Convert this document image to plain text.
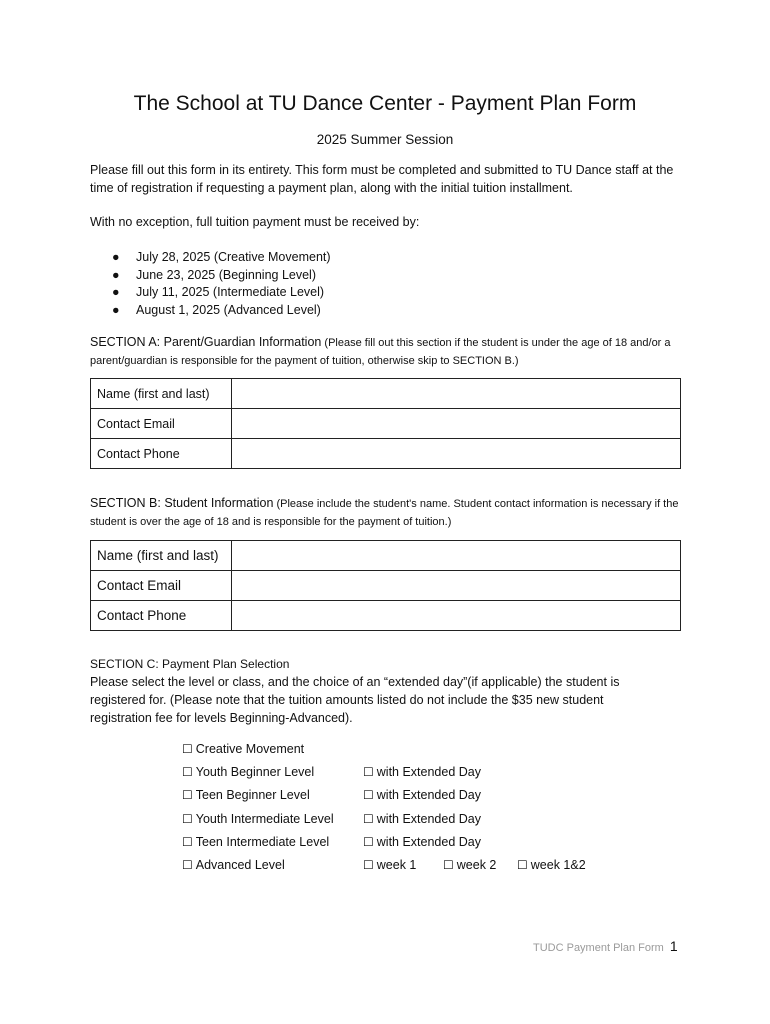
The School at TU Dance Center - Payment Plan Form
2025 Summer Session
Please fill out this form in its entirety. This form must be completed and submitted to TU Dance staff at the time of registration if requesting a payment plan, along with the initial tuition installment.
With no exception, full tuition payment must be received by:
● July 28, 2025 (Creative Movement)
● June 23, 2025 (Beginning Level)
● July 11, 2025 (Intermediate Level)
● August 1, 2025 (Advanced Level)
SECTION A: Parent/Guardian Information (Please fill out this section if the student is under the age of 18 and/or a parent/guardian is responsible for the payment of tuition, otherwise skip to SECTION B.)
Name (first and last)	
Contact Email	
Contact Phone	
SECTION B: Student Information (Please include the student's name. Student contact information is necessary if the student is over the age of 18 and is responsible for the payment of tuition.)
Name (first and last)	
Contact Email	
Contact Phone	
SECTION C: Payment Plan Selection
Please select the level or class, and the choice of an “extended day”(if applicable) the student is registered for. (Please note that the tuition amounts listed do not include the $35 new student registration fee for levels Beginning-Advanced).
☐ Creative Movement
☐ Youth Beginner Level	☐ with Extended Day
☐ Teen Beginner Level	☐ with Extended Day
☐ Youth Intermediate Level ☐ with Extended Day
☐ Teen Intermediate Level	☐ with Extended Day
☐ Advanced Level	☐ week 1 ☐ week 2 ☐ week 1&2
TUDC Payment Plan Form 1
